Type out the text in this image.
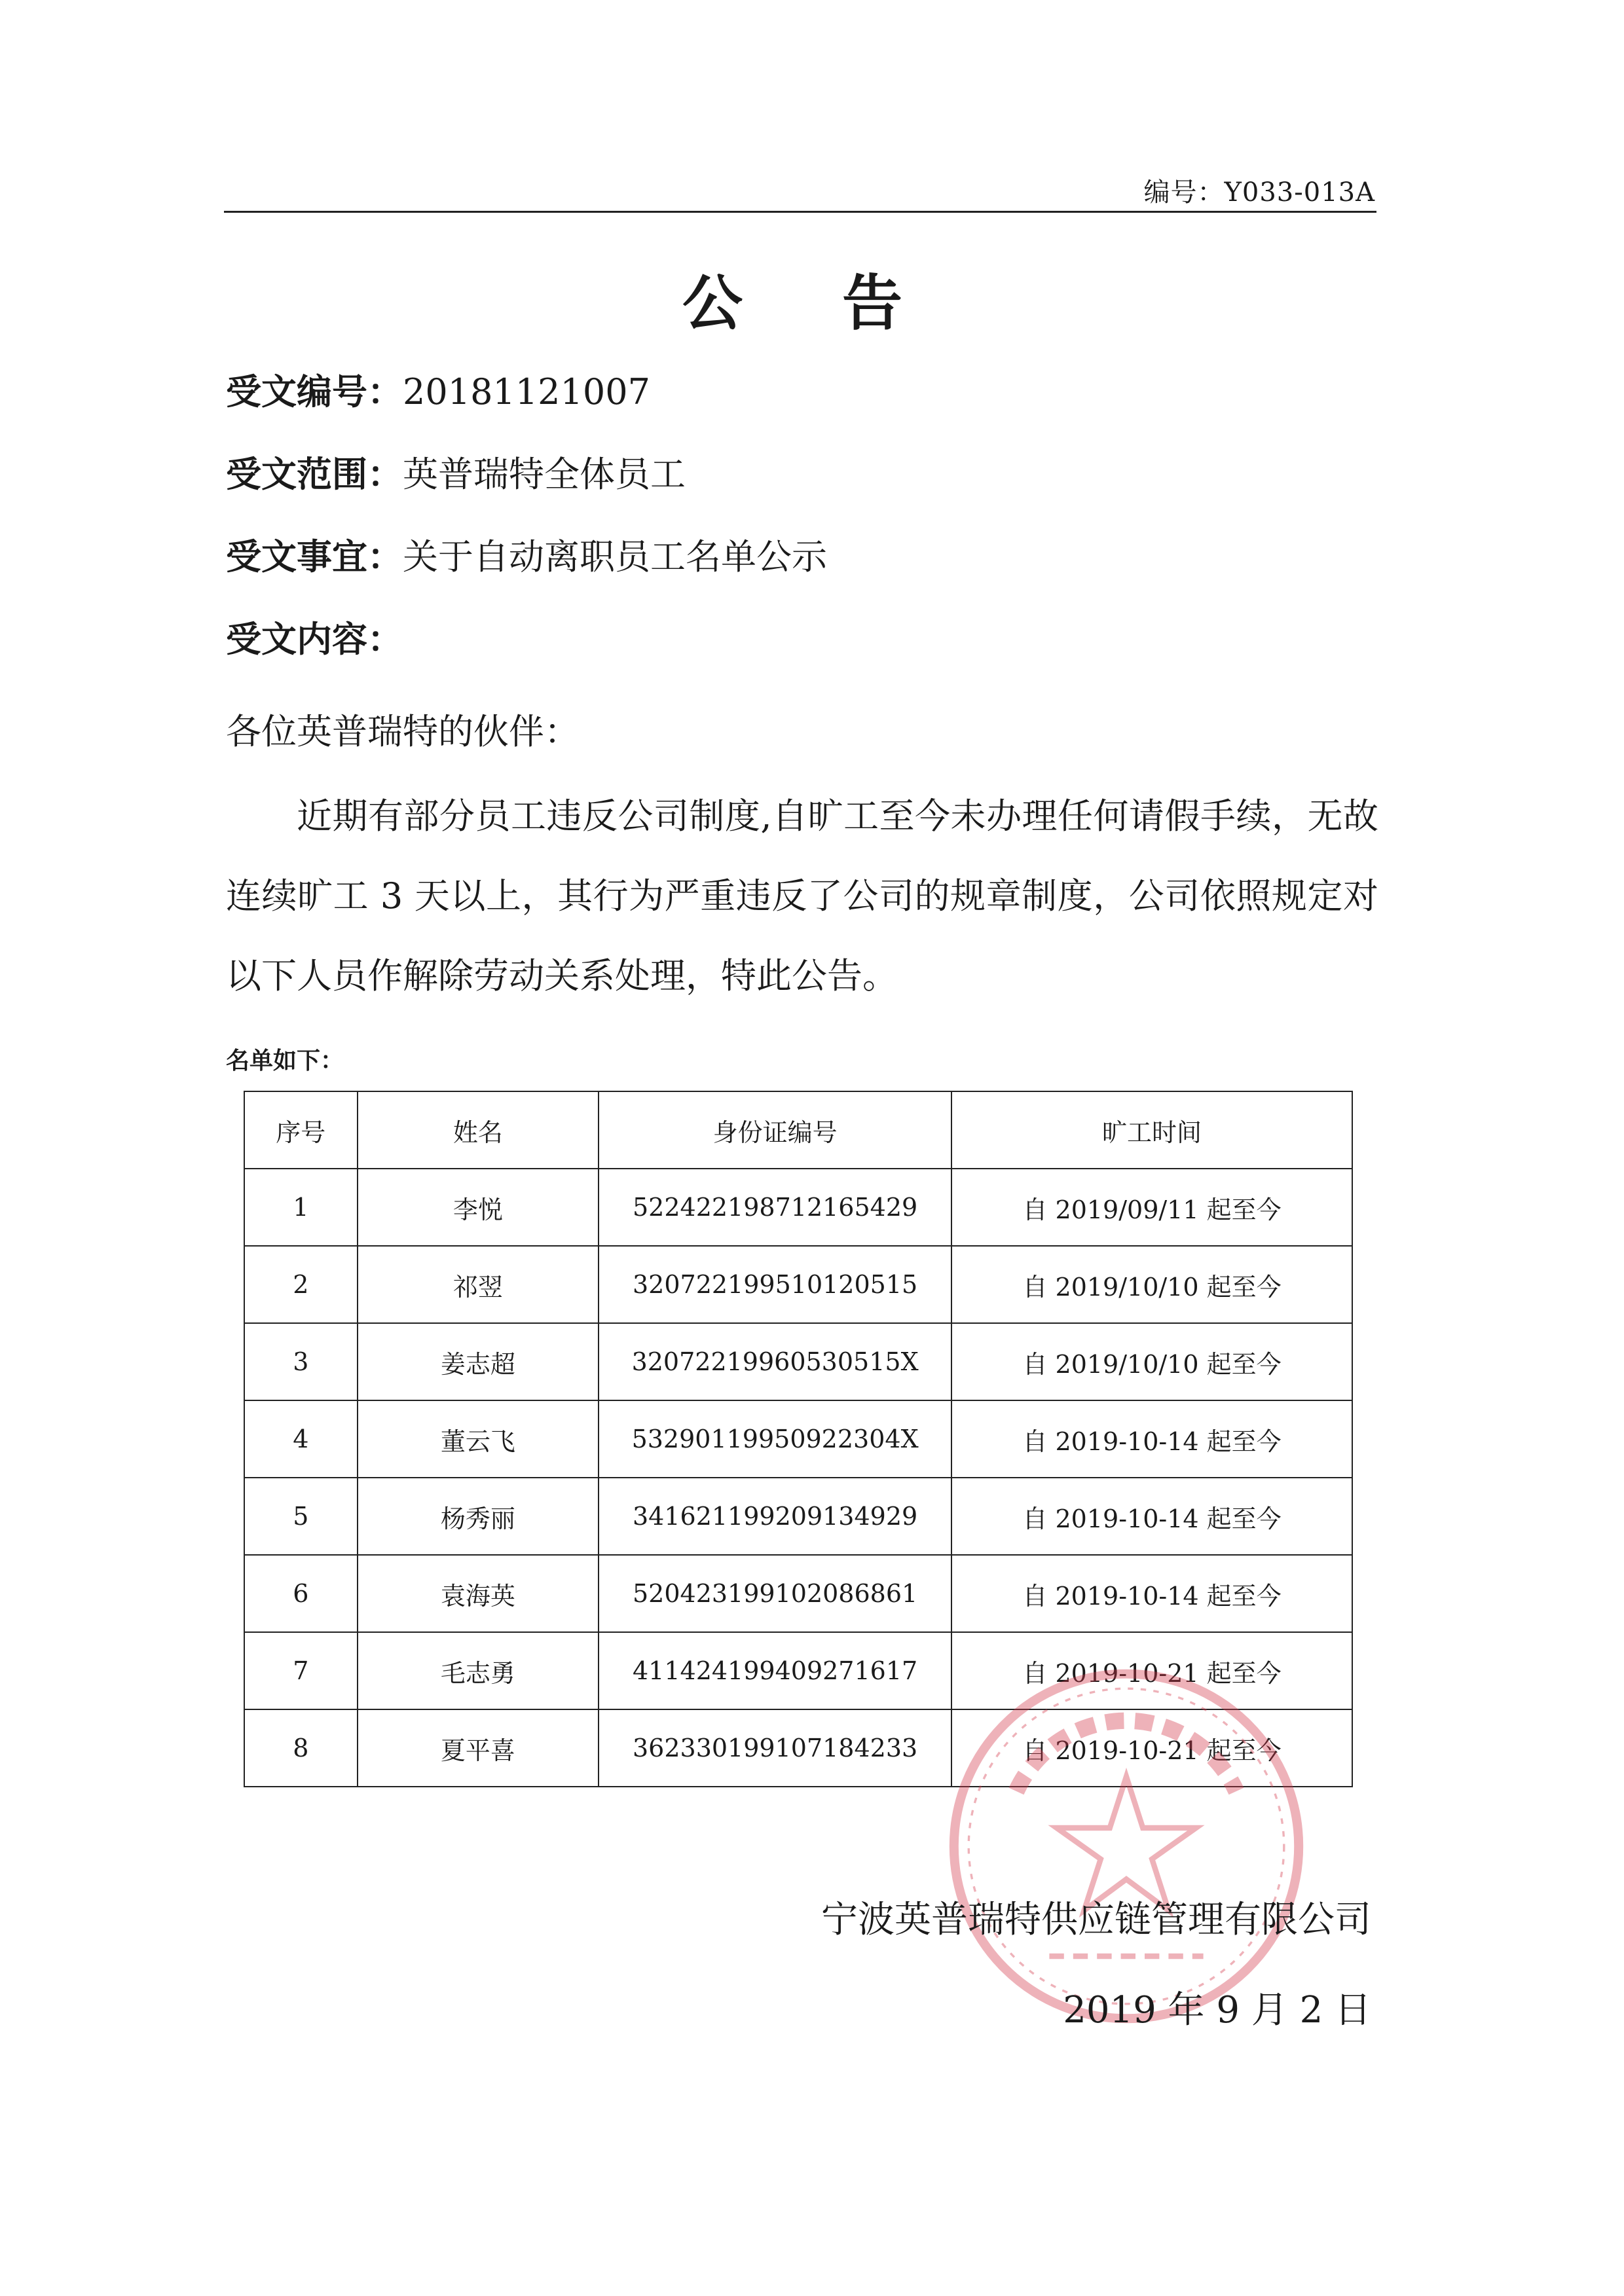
编号：Y033-013A
公 告
受文编号：20181121007
受文范围：英普瑞特全体员工
受文事宜：关于自动离职员工名单公示
受文内容：
各位英普瑞特的伙伴：
近期有部分员工违反公司制度,自旷工至今未办理任何请假手续，无故连续旷工 3 天以上，其行为严重违反了公司的规章制度，公司依照规定对以下人员作解除劳动关系处理，特此公告。
名单如下：
序号	姓名	身份证编号	旷工时间
1	李悦	522422198712165429	自 2019/09/11 起至今
2	祁翌	320722199510120515	自 2019/10/10 起至今
3	姜志超	32072219960530515X	自 2019/10/10 起至今
4	董云飞	53290119950922304X	自 2019-10-14 起至今
5	杨秀丽	341621199209134929	自 2019-10-14 起至今
6	袁海英	520423199102086861	自 2019-10-14 起至今
7	毛志勇	411424199409271617	自 2019-10-21 起至今
8	夏平喜	362330199107184233	自 2019-10-21 起至今
宁波英普瑞特供应链管理有限公司
2019 年 9 月 2 日
